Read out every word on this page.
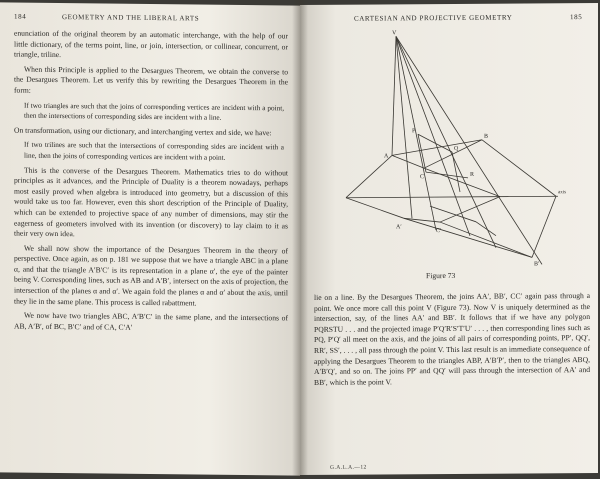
184	GEOMETRY AND THE LIBERAL ARTS

enunciation of the original theorem by an automatic interchange, with the help of our little dictionary, of the terms point, line, or join, intersection, or collinear, concurrent, or triangle, triline.

When this Principle is applied to the Desargues Theorem, we obtain the converse to the Desargues Theorem. Let us verify this by rewriting the Desargues Theorem in the form:

If two triangles are such that the joins of corresponding vertices are incident with a point, then the intersections of corresponding sides are incident with a line.

On transformation, using our dictionary, and interchanging vertex and side, we have:

If two trilines are such that the intersections of corresponding sides are incident with a line, then the joins of corresponding vertices are incident with a point.

This is the converse of the Desargues Theorem. Mathematics tries to do without principles as it advances, and the Principle of Duality is a theorem nowadays, perhaps most easily proved when algebra is introduced into geometry, but a discussion of this would take us too far. However, even this short description of the Principle of Duality, which can be extended to projective space of any number of dimensions, may stir the eagerness of geometers involved with its invention (or discovery) to lay claim to it as their very own idea.

We shall now show the importance of the Desargues Theorem in the theory of perspective. Once again, as on p. 181 we suppose that we have a triangle ABC in a plane α, and that the triangle A′B′C′ is its representation in a plane α′, the eye of the painter being V. Corresponding lines, such as AB and A′B′, intersect on the axis of projection, the intersection of the planes α and α′. We again fold the planes α and α′ about the axis, until they lie in the same plane. This process is called rabattment.

We now have two triangles ABC, A′B′C′ in the same plane, and the intersections of AB, A′B′, of BC, B′C′ and of CA, C′A′

CARTESIAN AND PROJECTIVE GEOMETRY	185
V
A
B
C
A′
B′
C′
P
Q
R
axis
Figure 73

lie on a line. By the Desargues Theorem, the joins AA′, BB′, CC′ again pass through a point. We once more call this point V (Figure 73). Now V is uniquely determined as the intersection, say, of the lines AA′ and BB′. It follows that if we have any polygon PQRSTU . . . and the projected image P′Q′R′S′T′U′ . . . , then corresponding lines such as PQ, P′Q′ all meet on the axis, and the joins of all pairs of corresponding points, PP′, QQ′, RR′, SS′, . . . , all pass through the point V. This last result is an immediate consequence of applying the Desargues Theorem to the triangles ABP, A′B′P′, then to the triangles ABQ, A′B′Q′, and so on. The joins PP′ and QQ′ will pass through the intersection of AA′ and BB′, which is the point V.

G.A.L.A.—12
